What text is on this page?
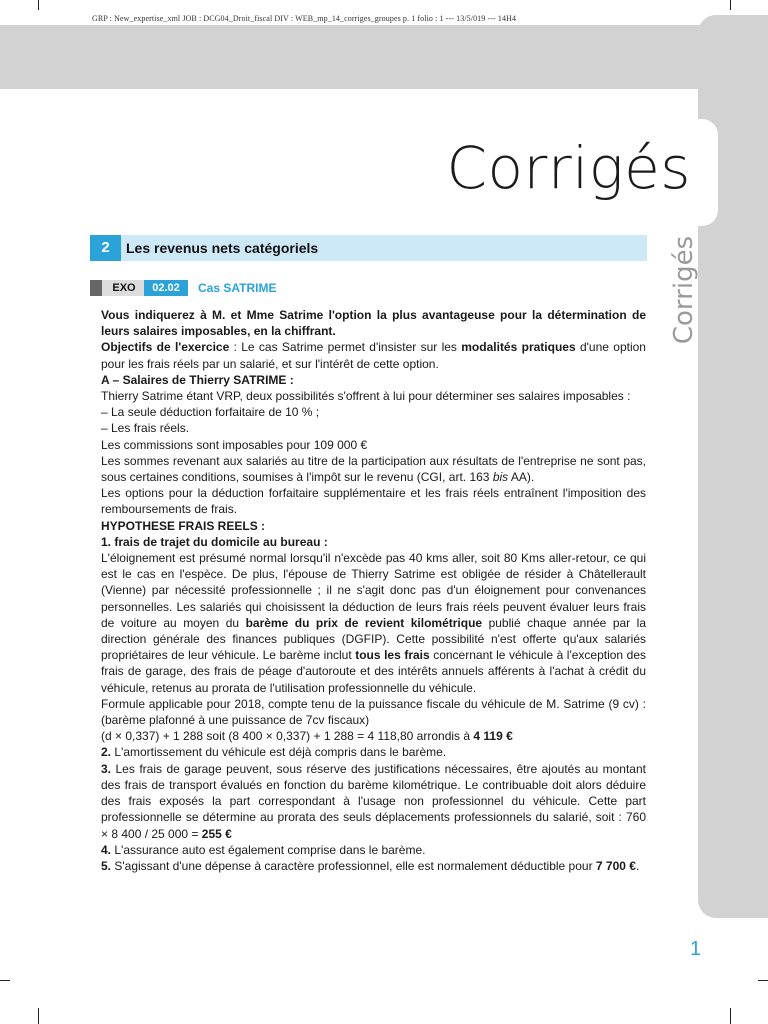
GRP : New_expertise_xml JOB : DCG04_Droit_fiscal DIV : WEB_mp_14_corriges_groupes p. 1 folio : 1 --- 13/5/019 --- 14H4
Corrigés
Corrigés
2	Les revenus nets catégoriels
EXO	02.02	Cas SATRIME

Vous indiquerez à M. et Mme Satrime l'option la plus avantageuse pour la détermination de leurs salaires imposables, en la chiffrant.

Objectifs de l'exercice : Le cas Satrime permet d'insister sur les modalités pratiques d'une option pour les frais réels par un salarié, et sur l'intérêt de cette option.

A – Salaires de Thierry SATRIME :

Thierry Satrime étant VRP, deux possibilités s'offrent à lui pour déterminer ses salaires imposables :

– La seule déduction forfaitaire de 10 % ;

– Les frais réels.

Les commissions sont imposables pour 109 000 €

Les sommes revenant aux salariés au titre de la participation aux résultats de l'entreprise ne sont pas, sous certaines conditions, soumises à l'impôt sur le revenu (CGI, art. 163 bis AA).

Les options pour la déduction forfaitaire supplémentaire et les frais réels entraînent l'imposition des remboursements de frais.

HYPOTHESE FRAIS REELS :

1. frais de trajet du domicile au bureau :

L'éloignement est présumé normal lorsqu'il n'excède pas 40 kms aller, soit 80 Kms aller-retour, ce qui est le cas en l'espèce. De plus, l'épouse de Thierry Satrime est obligée de résider à Châtellerault (Vienne) par nécessité professionnelle ; il ne s'agit donc pas d'un éloignement pour convenances personnelles. Les salariés qui choisissent la déduction de leurs frais réels peuvent évaluer leurs frais de voiture au moyen du barème du prix de revient kilométrique publié chaque année par la direction générale des finances publiques (DGFIP). Cette possibilité n'est offerte qu'aux salariés propriétaires de leur véhicule. Le barème inclut tous les frais concernant le véhicule à l'exception des frais de garage, des frais de péage d'autoroute et des intérêts annuels afférents à l'achat à crédit du véhicule, retenus au prorata de l'utilisation professionnelle du véhicule.

Formule applicable pour 2018, compte tenu de la puissance fiscale du véhicule de M. Satrime (9 cv) : (barème plafonné à une puissance de 7cv fiscaux)

(d × 0,337) + 1 288 soit (8 400 × 0,337) + 1 288 = 4 118,80 arrondis à 4 119 €

2. L'amortissement du véhicule est déjà compris dans le barème.

3. Les frais de garage peuvent, sous réserve des justifications nécessaires, être ajoutés au montant des frais de transport évalués en fonction du barème kilométrique. Le contribuable doit alors déduire des frais exposés la part correspondant à l'usage non professionnel du véhicule. Cette part professionnelle se détermine au prorata des seuls déplacements professionnels du salarié, soit : 760 × 8 400 / 25 000 = 255 €

4. L'assurance auto est également comprise dans le barème.

5. S'agissant d'une dépense à caractère professionnel, elle est normalement déductible pour 7 700 €.

1
